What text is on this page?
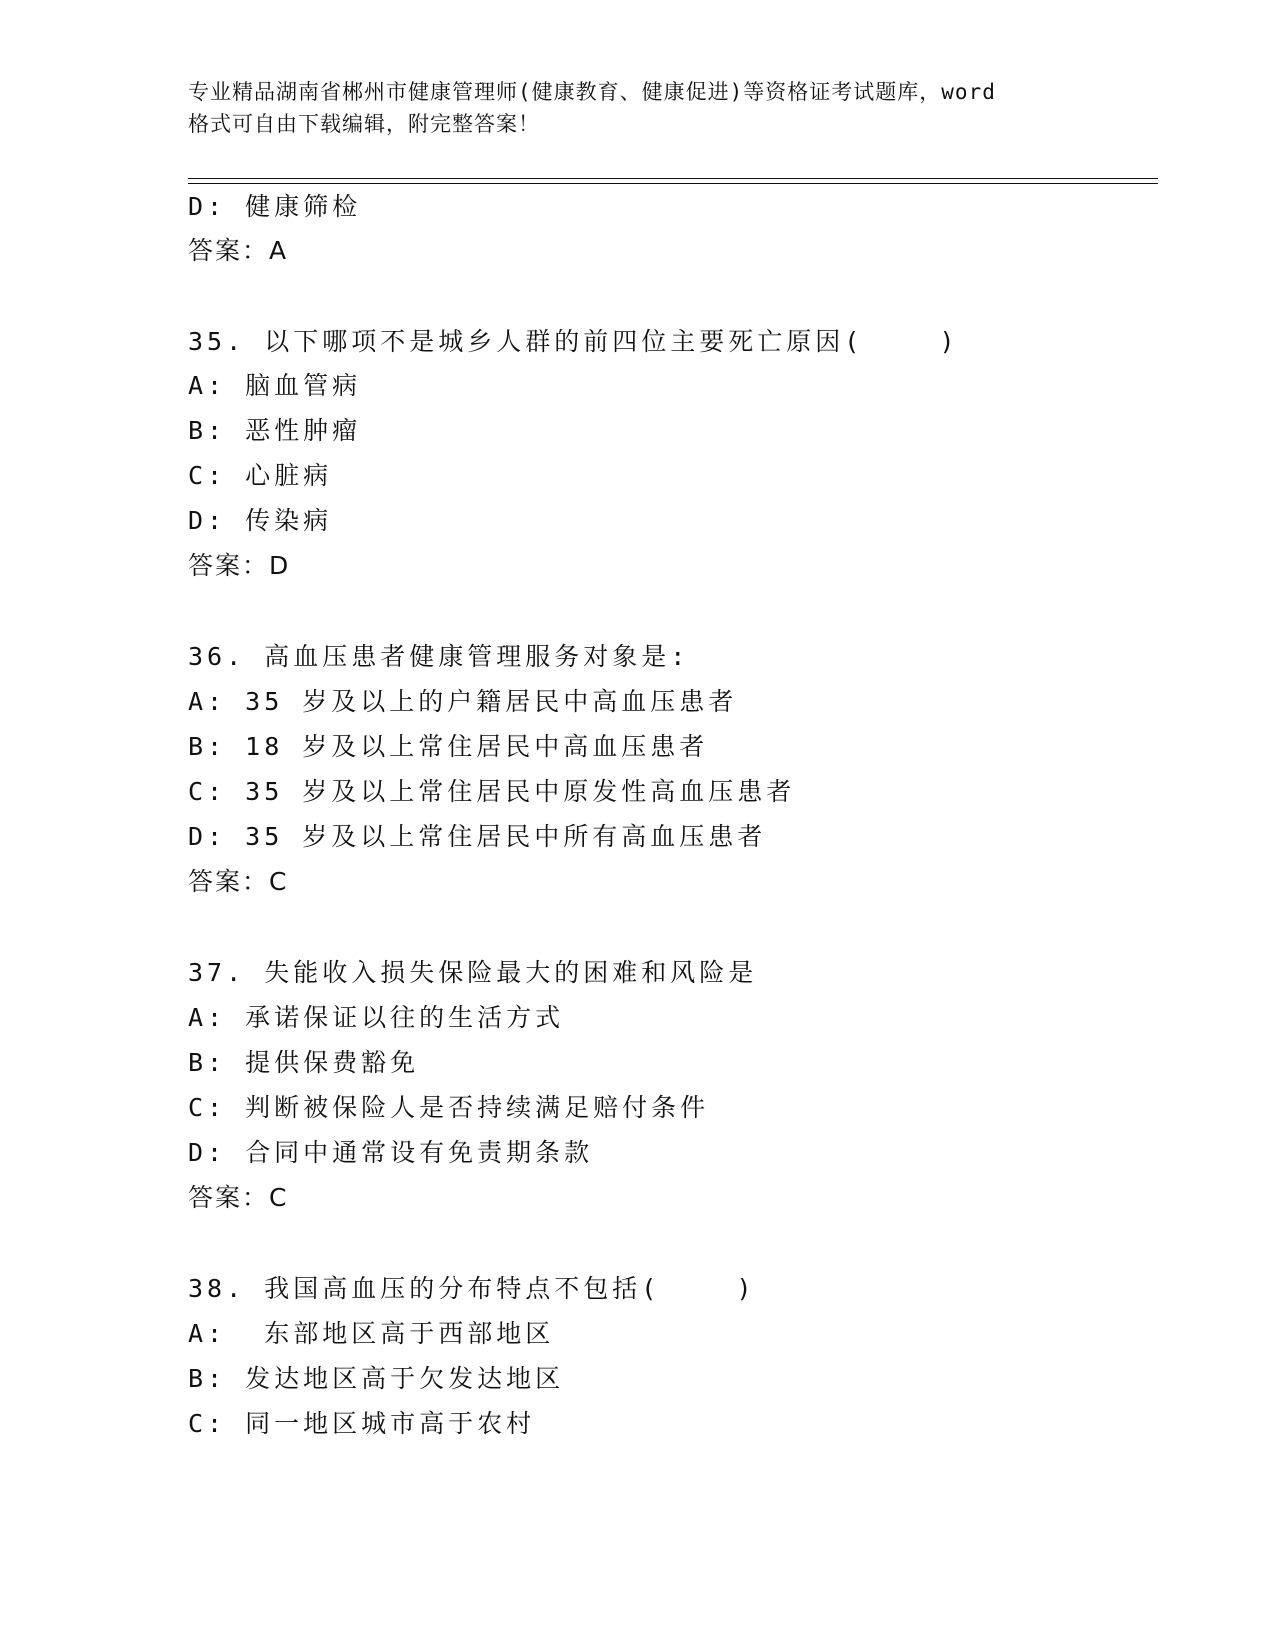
专业精品湖南省郴州市健康管理师(健康教育、健康促进)等资格证考试题库，word
格式可自由下载编辑，附完整答案！
D: 健康筛检
答案：A
35. 以下哪项不是城乡人群的前四位主要死亡原因(    )
A: 脑血管病
B: 恶性肿瘤
C: 心脏病
D: 传染病
答案：D
36. 高血压患者健康管理服务对象是:
A: 35 岁及以上的户籍居民中高血压患者
B: 18 岁及以上常住居民中高血压患者
C: 35 岁及以上常住居民中原发性高血压患者
D: 35 岁及以上常住居民中所有高血压患者
答案：C
37. 失能收入损失保险最大的困难和风险是
A: 承诺保证以往的生活方式
B: 提供保费豁免
C: 判断被保险人是否持续满足赔付条件
D: 合同中通常设有免责期条款
答案：C
38. 我国高血压的分布特点不包括(    )
A:  东部地区高于西部地区
B: 发达地区高于欠发达地区
C: 同一地区城市高于农村
